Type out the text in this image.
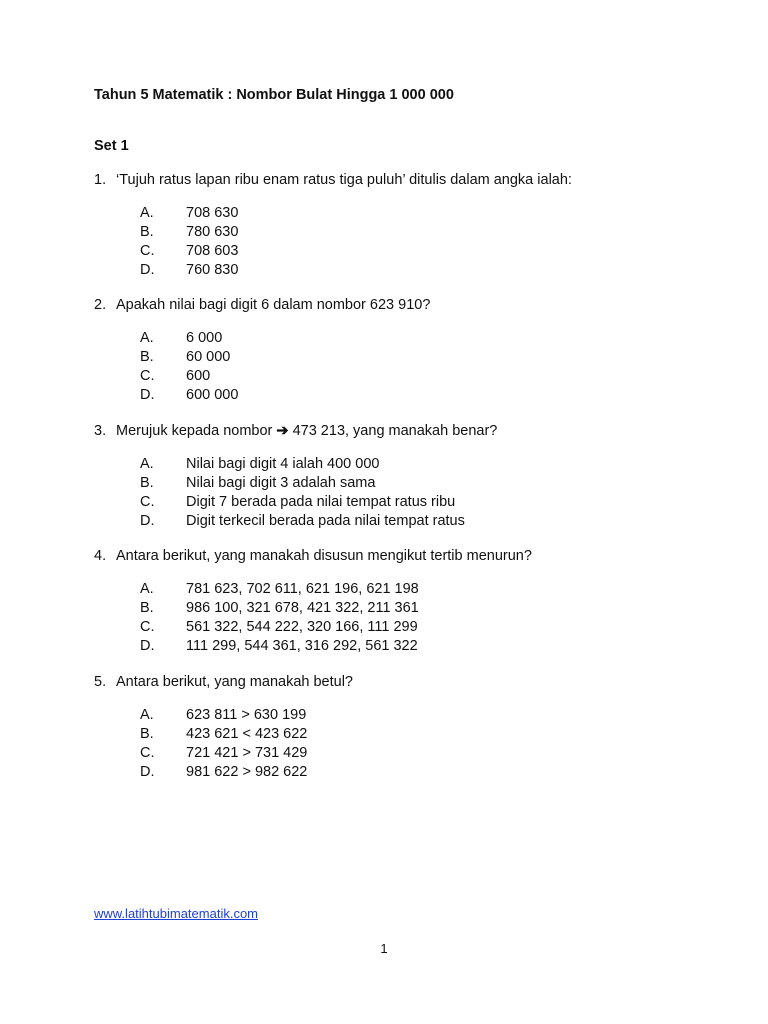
Tahun 5 Matematik : Nombor Bulat Hingga 1 000 000
Set 1
1. ‘Tujuh ratus lapan ribu enam ratus tiga puluh’ ditulis dalam angka ialah:
A. 708 630
B. 780 630
C. 708 603
D. 760 830
2. Apakah nilai bagi digit 6 dalam nombor 623 910?
A. 6 000
B. 60 000
C. 600
D. 600 000
3. Merujuk kepada nombor ➔ 473 213, yang manakah benar?
A. Nilai bagi digit 4 ialah 400 000
B. Nilai bagi digit 3 adalah sama
C. Digit 7 berada pada nilai tempat ratus ribu
D. Digit terkecil berada pada nilai tempat ratus
4. Antara berikut, yang manakah disusun mengikut tertib menurun?
A. 781 623, 702 611, 621 196, 621 198
B. 986 100, 321 678, 421 322, 211 361
C. 561 322, 544 222, 320 166, 111 299
D. 111 299, 544 361, 316 292, 561 322
5. Antara berikut, yang manakah betul?
A. 623 811 > 630 199
B. 423 621 < 423 622
C. 721 421 > 731 429
D. 981 622 > 982 622
www.latihtubimatematik.com
1
